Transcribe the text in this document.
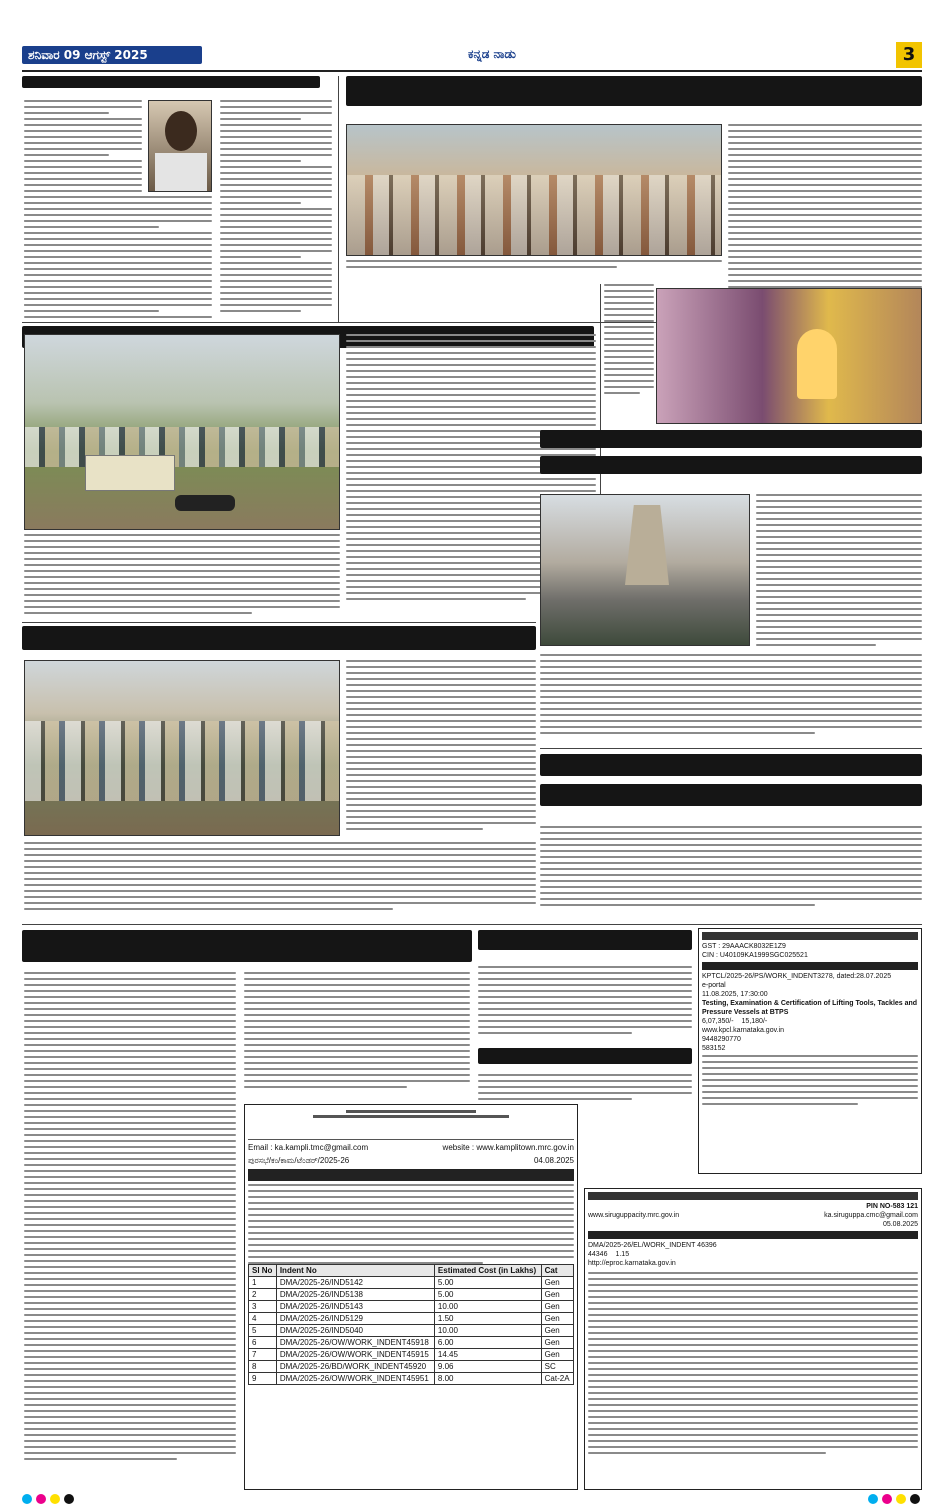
ಶನಿವಾರ 09 ಆಗಸ್ಟ್ 2025	ಕನ್ನಡ ನಾಡು	3
Email : ka.kampli.tmc@gmail.com	website : www.kamplitown.mrc.gov.in
ಪುರಸಭೆ/ಕಂ/ಕಾಮ/ಟೆಂಡರ್/2025-26	04.08.2025
Sl No	Indent No	Estimated Cost (in Lakhs)	Cat
1	DMA/2025-26/IND5142	5.00	Gen
2	DMA/2025-26/IND5138	5.00	Gen
3	DMA/2025-26/IND5143	10.00	Gen
4	DMA/2025-26/IND5129	1.50	Gen
5	DMA/2025-26/IND5040	10.00	Gen
6	DMA/2025-26/OW/WORK_INDENT45918	6.00	Gen
7	DMA/2025-26/OW/WORK_INDENT45915	14.45	Gen
8	DMA/2025-26/BD/WORK_INDENT45920	9.06	SC
9	DMA/2025-26/OW/WORK_INDENT45951	8.00	Cat-2A
GST : 29AAACK8032E1Z9
CIN : U40109KA1999SGC025521
KPTCL/2025-26/PS/WORK_INDENT3278, dated:28.07.2025
e-portal
11.08.2025, 17:30:00
Testing, Examination & Certification of Lifting Tools, Tackles and Pressure Vessels at BTPS
6,07,350/- 15,180/-
www.kpcl.karnataka.gov.in
9448290770
583152
PIN NO-583 121
www.siruguppacity.mrc.gov.in	ka.siruguppa.cmc@gmail.com
05.08.2025
DMA/2025-26/EL/WORK_INDENT 46396
44346 1.15
http://eproc.karnataka.gov.in
